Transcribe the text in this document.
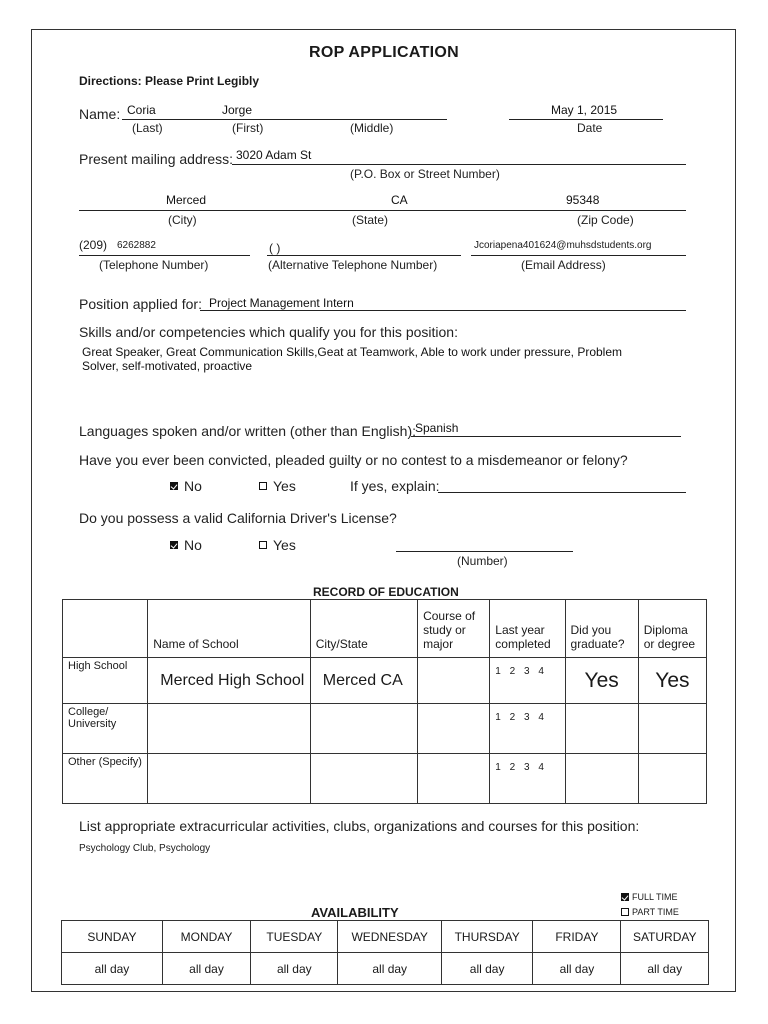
ROP APPLICATION
Directions: Please Print Legibly
Name: Coria	Jorge
(Last)	(First)	(Middle)
May 1, 2015
Date
Present mailing address: 3020 Adam St
(P.O. Box or Street Number)
Merced	CA	95348
(City)	(State)	(Zip Code)
(209) 6262882
(Telephone Number)
( )
(Alternative Telephone Number)
Jcoriapena401624@muhsdstudents.org
(Email Address)
Position applied for: Project Management Intern
Skills and/or competencies which qualify you for this position:
Great Speaker, Great Communication Skills,Geat at Teamwork, Able to work under pressure, Problem
Solver, self-motivated, proactive
Languages spoken and/or written (other than English): Spanish
Have you ever been convicted, pleaded guilty or no contest to a misdemeanor or felony?
No	Yes	If yes, explain:
Do you possess a valid California Driver's License?
No	Yes
(Number)
RECORD OF EDUCATION
	Name of School	City/State	Course of study or major	Last year completed	Did you graduate?	Diploma or degree
High School	Merced High School	Merced CA		1 2 3 4	Yes	Yes
College/ University				1 2 3 4		
Other (Specify)				1 2 3 4		
List appropriate extracurricular activities, clubs, organizations and courses for this position:
Psychology Club, Psychology
FULL TIME
PART TIME
AVAILABILITY
SUNDAY	MONDAY	TUESDAY	WEDNESDAY	THURSDAY	FRIDAY	SATURDAY
all day	all day	all day	all day	all day	all day	all day
